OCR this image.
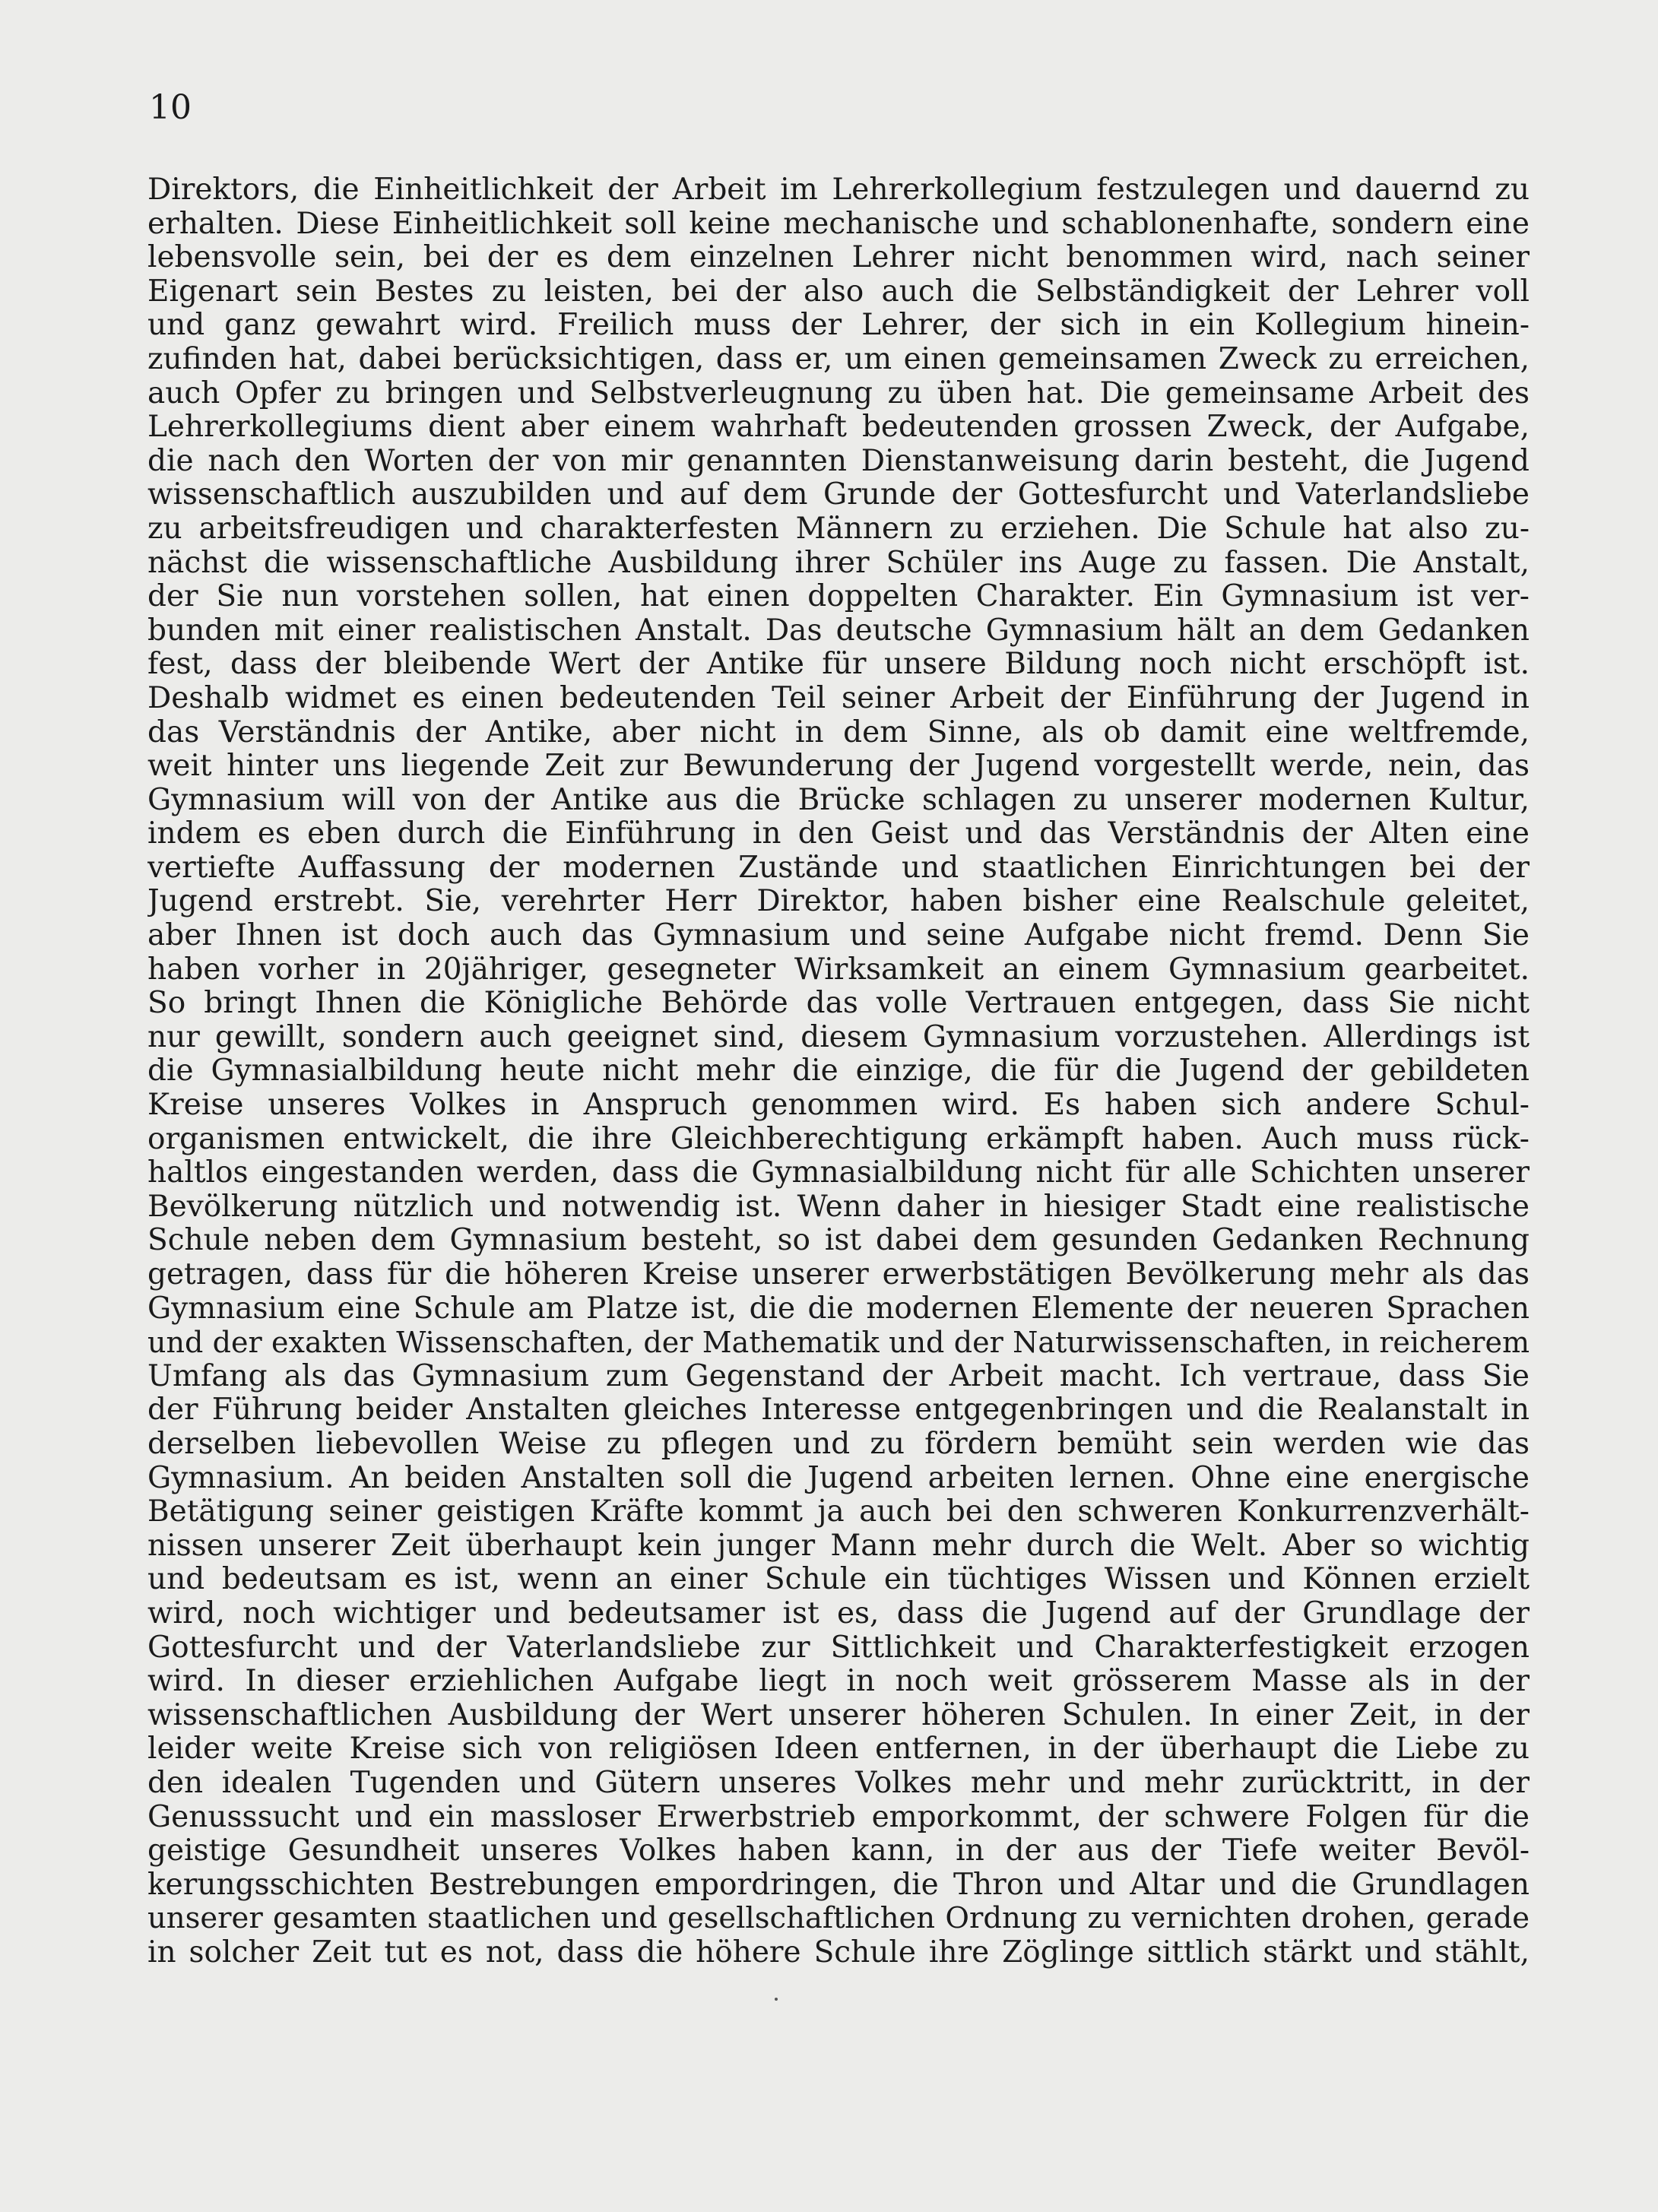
10
Direktors, die Einheitlichkeit der Arbeit im Lehrerkollegium festzulegen und dauernd zu
erhalten. Diese Einheitlichkeit soll keine mechanische und schablonenhafte, sondern eine
lebensvolle sein, bei der es dem einzelnen Lehrer nicht benommen wird, nach seiner
Eigenart sein Bestes zu leisten, bei der also auch die Selbständigkeit der Lehrer voll
und ganz gewahrt wird. Freilich muss der Lehrer, der sich in ein Kollegium hinein-
zufinden hat, dabei berücksichtigen, dass er, um einen gemeinsamen Zweck zu erreichen,
auch Opfer zu bringen und Selbstverleugnung zu üben hat. Die gemeinsame Arbeit des
Lehrerkollegiums dient aber einem wahrhaft bedeutenden grossen Zweck, der Aufgabe,
die nach den Worten der von mir genannten Dienstanweisung darin besteht, die Jugend
wissenschaftlich auszubilden und auf dem Grunde der Gottesfurcht und Vaterlandsliebe
zu arbeitsfreudigen und charakterfesten Männern zu erziehen. Die Schule hat also zu-
nächst die wissenschaftliche Ausbildung ihrer Schüler ins Auge zu fassen. Die Anstalt,
der Sie nun vorstehen sollen, hat einen doppelten Charakter. Ein Gymnasium ist ver-
bunden mit einer realistischen Anstalt. Das deutsche Gymnasium hält an dem Gedanken
fest, dass der bleibende Wert der Antike für unsere Bildung noch nicht erschöpft ist.
Deshalb widmet es einen bedeutenden Teil seiner Arbeit der Einführung der Jugend in
das Verständnis der Antike, aber nicht in dem Sinne, als ob damit eine weltfremde,
weit hinter uns liegende Zeit zur Bewunderung der Jugend vorgestellt werde, nein, das
Gymnasium will von der Antike aus die Brücke schlagen zu unserer modernen Kultur,
indem es eben durch die Einführung in den Geist und das Verständnis der Alten eine
vertiefte Auffassung der modernen Zustände und staatlichen Einrichtungen bei der
Jugend erstrebt. Sie, verehrter Herr Direktor, haben bisher eine Realschule geleitet,
aber Ihnen ist doch auch das Gymnasium und seine Aufgabe nicht fremd. Denn Sie
haben vorher in 20jähriger, gesegneter Wirksamkeit an einem Gymnasium gearbeitet.
So bringt Ihnen die Königliche Behörde das volle Vertrauen entgegen, dass Sie nicht
nur gewillt, sondern auch geeignet sind, diesem Gymnasium vorzustehen. Allerdings ist
die Gymnasialbildung heute nicht mehr die einzige, die für die Jugend der gebildeten
Kreise unseres Volkes in Anspruch genommen wird. Es haben sich andere Schul-
organismen entwickelt, die ihre Gleichberechtigung erkämpft haben. Auch muss rück-
haltlos eingestanden werden, dass die Gymnasialbildung nicht für alle Schichten unserer
Bevölkerung nützlich und notwendig ist. Wenn daher in hiesiger Stadt eine realistische
Schule neben dem Gymnasium besteht, so ist dabei dem gesunden Gedanken Rechnung
getragen, dass für die höheren Kreise unserer erwerbstätigen Bevölkerung mehr als das
Gymnasium eine Schule am Platze ist, die die modernen Elemente der neueren Sprachen
und der exakten Wissenschaften, der Mathematik und der Naturwissenschaften, in reicherem
Umfang als das Gymnasium zum Gegenstand der Arbeit macht. Ich vertraue, dass Sie
der Führung beider Anstalten gleiches Interesse entgegenbringen und die Realanstalt in
derselben liebevollen Weise zu pflegen und zu fördern bemüht sein werden wie das
Gymnasium. An beiden Anstalten soll die Jugend arbeiten lernen. Ohne eine energische
Betätigung seiner geistigen Kräfte kommt ja auch bei den schweren Konkurrenzverhält-
nissen unserer Zeit überhaupt kein junger Mann mehr durch die Welt. Aber so wichtig
und bedeutsam es ist, wenn an einer Schule ein tüchtiges Wissen und Können erzielt
wird, noch wichtiger und bedeutsamer ist es, dass die Jugend auf der Grundlage der
Gottesfurcht und der Vaterlandsliebe zur Sittlichkeit und Charakterfestigkeit erzogen
wird. In dieser erziehlichen Aufgabe liegt in noch weit grösserem Masse als in der
wissenschaftlichen Ausbildung der Wert unserer höheren Schulen. In einer Zeit, in der
leider weite Kreise sich von religiösen Ideen entfernen, in der überhaupt die Liebe zu
den idealen Tugenden und Gütern unseres Volkes mehr und mehr zurücktritt, in der
Genusssucht und ein massloser Erwerbstrieb emporkommt, der schwere Folgen für die
geistige Gesundheit unseres Volkes haben kann, in der aus der Tiefe weiter Bevöl-
kerungsschichten Bestrebungen empordringen, die Thron und Altar und die Grundlagen
unserer gesamten staatlichen und gesellschaftlichen Ordnung zu vernichten drohen, gerade
in solcher Zeit tut es not, dass die höhere Schule ihre Zöglinge sittlich stärkt und stählt,
